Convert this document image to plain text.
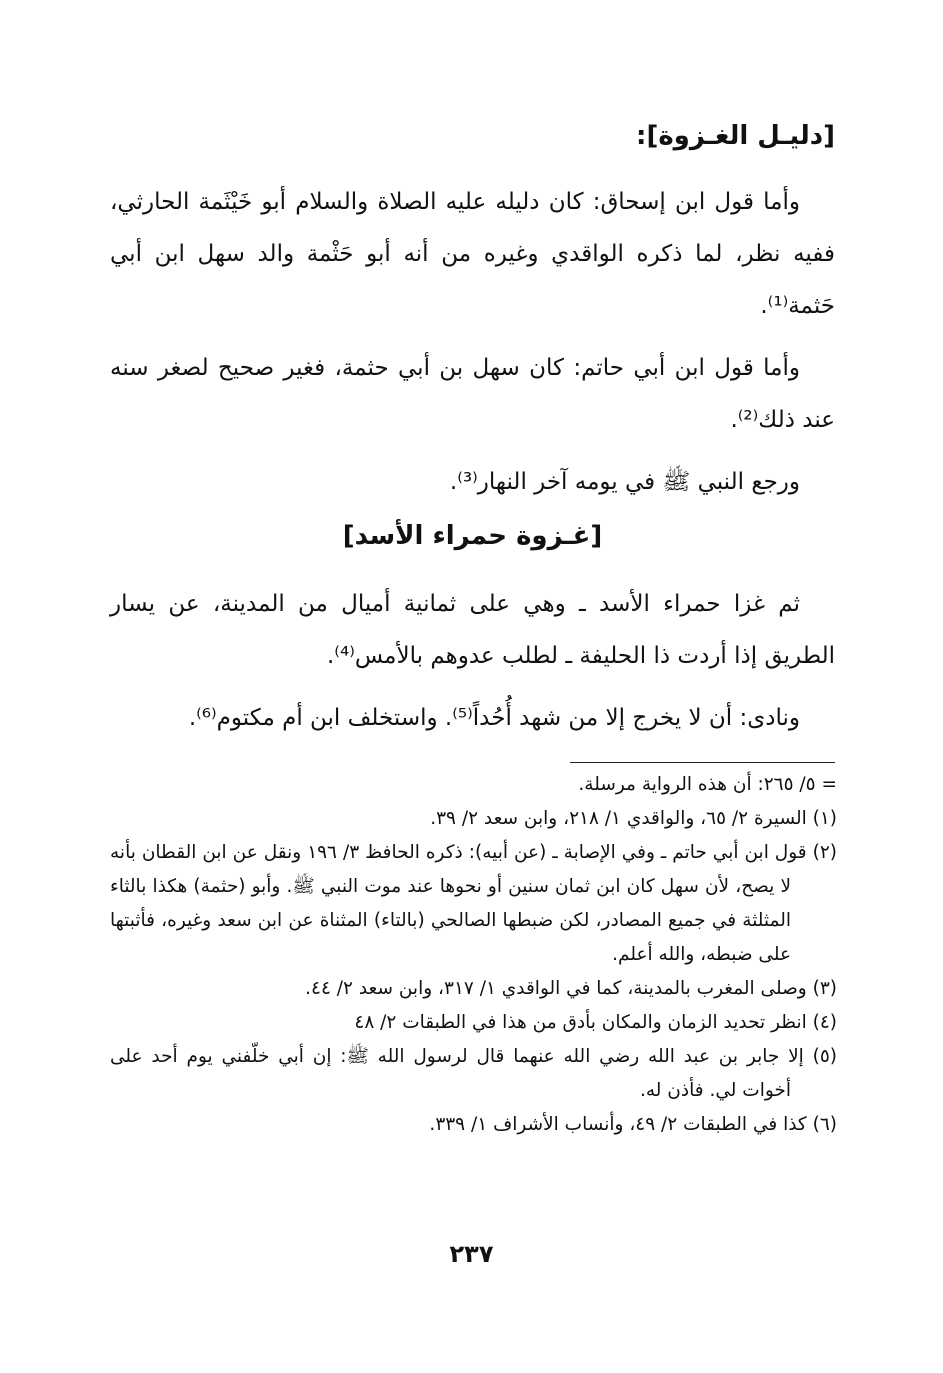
[دليـل الغـزوة]:

وأما قول ابن إسحاق: كان دليله عليه الصلاة والسلام أبو خَيْثَمة الحارثي، ففيه نظر، لما ذكره الواقدي وغيره من أنه أبو حَثْمة والد سهل ابن أبي حَثمة⁽¹⁾.

وأما قول ابن أبي حاتم: كان سهل بن أبي حثمة، فغير صحيح لصغر سنه عند ذلك⁽²⁾.

ورجع النبي ﷺ في يومه آخر النهار⁽³⁾.

[غـزوة حمراء الأسد]

ثم غزا حمراء الأسد ـ وهي على ثمانية أميال من المدينة، عن يسار الطريق إذا أردت ذا الحليفة ـ لطلب عدوهم بالأمس⁽⁴⁾.

ونادى: أن لا يخرج إلا من شهد أُحُداً⁽⁵⁾. واستخلف ابن أم مكتوم⁽⁶⁾.

= ٥/ ٢٦٥: أن هذه الرواية مرسلة.

(١) السيرة ٢/ ٦٥، والواقدي ١/ ٢١٨، وابن سعد ٢/ ٣٩.

(٢) قول ابن أبي حاتم ـ وفي الإصابة ـ (عن أبيه): ذكره الحافظ ٣/ ١٩٦ ونقل عن ابن القطان بأنه لا يصح، لأن سهل كان ابن ثمان سنين أو نحوها عند موت النبي ﷺ. وأبو (حثمة) هكذا بالثاء المثلثة في جميع المصادر، لكن ضبطها الصالحي (بالتاء) المثناة عن ابن سعد وغيره، فأثبتها على ضبطه، والله أعلم.

(٣) وصلى المغرب بالمدينة، كما في الواقدي ١/ ٣١٧، وابن سعد ٢/ ٤٤.

(٤) انظر تحديد الزمان والمكان بأدق من هذا في الطبقات ٢/ ٤٨

(٥) إلا جابر بن عبد الله رضي الله عنهما قال لرسول الله ﷺ: إن أبي خلّفني يوم أحد على أخوات لي. فأذن له.

(٦) كذا في الطبقات ٢/ ٤٩، وأنساب الأشراف ١/ ٣٣٩.

٢٣٧
